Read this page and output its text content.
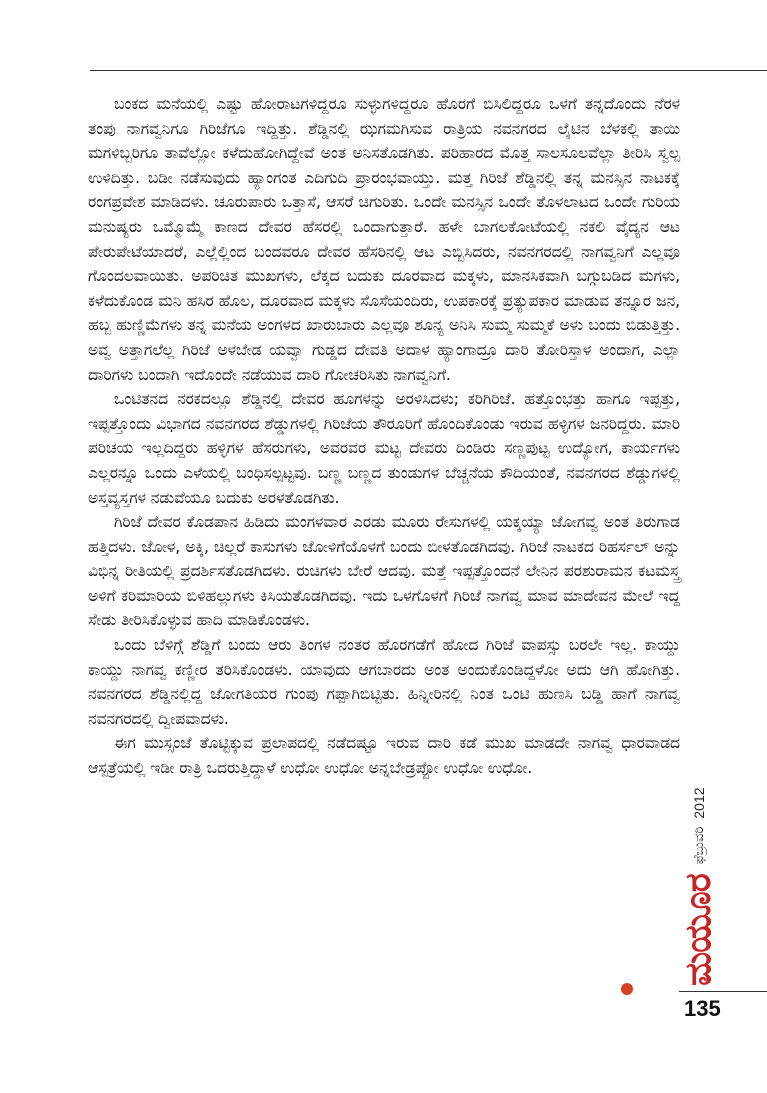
ಬಂಕದ ಮನೆಯಲ್ಲಿ ಎಷ್ಟು ಹೋರಾಟಗಳಿದ್ದರೂ ಸುಳ್ಳುಗಳಿದ್ದರೂ ಹೊರಗೆ ಬಿಸಿಲಿದ್ದರೂ ಒಳಗೆ ತನ್ನದೊಂದು ನೆರಳ ತಂಪು ನಾಗವ್ವನಿಗೂ ಗಿರಿಜೆಗೂ ಇದ್ದಿತ್ತು. ಶೆಡ್ಡಿನಲ್ಲಿ ಝಗಮಗಿಸುವ ರಾತ್ರಿಯ ನವನಗರದ ಲೈಟಿನ ಬೆಳಕಲ್ಲಿ ತಾಯಿ ಮಗಳಿಬ್ಬರಿಗೂ ತಾವೆಲ್ಲೋ ಕಳೆದುಹೋಗಿದ್ದೇವೆ ಅಂತ ಅನಿಸತೊಡಗಿತು. ಪರಿಹಾರದ ಮೊತ್ತ ಸಾಲಸೂಲವೆಲ್ಲಾ ತೀರಿಸಿ ಸ್ವಲ್ಪ ಉಳಿದಿತ್ತು. ಬಡೀ ನಡೆಸುವುದು ಹ್ಯಾಂಗಂತ ಎದಿಗುದಿ ಪ್ರಾರಂಭವಾಯ್ತು. ಮತ್ತ ಗಿರಿಜೆ ಶೆಡ್ಡಿನಲ್ಲಿ ತನ್ನ ಮನಸ್ಸಿನ ನಾಟಕಕ್ಕೆ ರಂಗಪ್ರವೇಶ ಮಾಡಿದಳು. ಚೂರುಪಾರು ಒತ್ತಾಸೆ, ಆಸರೆ ಚಿಗುರಿತು. ಒಂದೇ ಮನಸ್ಸಿನ ಒಂದೇ ತೊಳಲಾಟದ ಒಂದೇ ಗುರಿಯ ಮನುಷ್ಯರು ಒಮ್ಮೊಮ್ಮೆ ಕಾಣದ ದೇವರ ಹೆಸರಲ್ಲಿ ಒಂದಾಗುತ್ತಾರೆ. ಹಳೇ ಬಾಗಲಕೋಟೆಯಲ್ಲಿ ನಕಲಿ ವೈದ್ಯನ ಆಟ ಪೇರುಪೇಟೆಯಾದರೆ, ಎಲ್ಲೆಲ್ಲಿಂದ ಬಂದವರೂ ದೇವರ ಹೆಸರಿನಲ್ಲಿ ಆಟ ಎಬ್ಬಿಸಿದರು, ನವನಗರದಲ್ಲಿ ನಾಗವ್ವನಿಗೆ ಎಲ್ಲವೂ ಗೊಂದಲವಾಯಿತು. ಅಪರಿಚಿತ ಮುಖಗಳು, ಲೆಕ್ಕದ ಬದುಕು ದೂರವಾದ ಮಕ್ಕಳು, ಮಾನಸಿಕವಾಗಿ ಬಗ್ಗುಬಡಿದ ಮಗಳು, ಕಳೆದುಕೊಂಡ ಮನಿ ಹಸಿರ ಹೊಲ, ದೂರವಾದ ಮಕ್ಕಳು ಸೊಸೆಯಂದಿರು, ಉಪಕಾರಕ್ಕೆ ಪ್ರತ್ಯುಪಕಾರ ಮಾಡುವ ತನ್ನೂರ ಜನ, ಹಬ್ಬ ಹುಣ್ಣಿಮೆಗಳು ತನ್ನ ಮನೆಯ ಅಂಗಳದ ಖಾರುಬಾರು ಎಲ್ಲವೂ ಶೂನ್ಯ ಅನಿಸಿ ಸುಮ್ಮ ಸುಮ್ಮಕೆ ಅಳು ಬಂದು ಬಿಡುತ್ತಿತ್ತು. ಅವ್ವ ಅತ್ತಾಗಲೆಲ್ಲ ಗಿರಿಜೆ ಅಳಬೇಡ ಯವ್ವಾ ಗುಡ್ಡದ ದೇವತಿ ಅದಾಳ ಹ್ಯಾಂಗಾದ್ರೂ ದಾರಿ ತೋರಿಸ್ತಾಳ ಅಂದಾಗ, ಎಲ್ಲಾ ದಾರಿಗಳು ಬಂದಾಗಿ ಇದೊಂದೇ ನಡೆಯುವ ದಾರಿ ಗೋಚರಿಸಿತು ನಾಗವ್ವನಿಗೆ.

ಒಂಟಿತನದ ನರಕದಲ್ಲೂ ಶೆಡ್ಡಿನಲ್ಲಿ ದೇವರ ಹೂಗಳನ್ನು ಅರಳಿಸಿದಳು; ಕರಿಗಿರಿಜೆ. ಹತ್ತೊಂಭತ್ತು ಹಾಗೂ ಇಪ್ಪತ್ತು, ಇಪ್ಪತ್ತೊಂದು ವಿಭಾಗದ ನವನಗರದ ಶೆಡ್ಡುಗಳಲ್ಲಿ ಗಿರಿಜೆಯ ತೌರೂರಿಗೆ ಹೊಂದಿಕೊಂಡು ಇರುವ ಹಳ್ಳಿಗಳ ಜನರಿದ್ದರು. ಮಾರಿ ಪರಿಚಯ ಇಲ್ಲದಿದ್ದರು ಹಳ್ಳಿಗಳ ಹೆಸರುಗಳು, ಅವರವರ ಮಟ್ಟ ದೇವರು ದಿಂಡಿರು ಸಣ್ಣಪುಟ್ಟ ಉದ್ಯೋಗ, ಕಾರ್ಯಗಳು ಎಲ್ಲರನ್ನೂ ಒಂದು ಎಳೆಯಲ್ಲಿ ಬಂಧಿಸಲ್ಪಟ್ಟವು. ಬಣ್ಣ ಬಣ್ಣದ ತುಂಡುಗಳ ಬೆಚ್ಚನೆಯ ಕೌದಿಯಂತೆ, ನವನಗರದ ಶೆಡ್ಡುಗಳಲ್ಲಿ ಅಸ್ತವ್ಯಸ್ತಗಳ ನಡುವೆಯೂ ಬದುಕು ಅರಳತೊಡಗಿತು.

ಗಿರಿಜೆ ದೇವರ ಕೊಡಪಾನ ಹಿಡಿದು ಮಂಗಳವಾರ ಎರಡು ಮೂರು ರೇಸುಗಳಲ್ಲಿ ಯಕ್ಕಯ್ಯಾ ಜೋಗವ್ವ ಅಂತ ತಿರುಗಾಡ ಹತ್ತಿದಳು. ಜೋಳ, ಅಕ್ಕಿ, ಚಿಲ್ಲರೆ ಕಾಸುಗಳು ಜೋಳಿಗೆಯೊಳಗೆ ಬಂದು ಬೀಳತೊಡಗಿದವು. ಗಿರಿಜೆ ನಾಟಕದ ರಿಹರ್ಸಲ್ ಅನ್ನು ವಿಭಿನ್ನ ರೀತಿಯಲ್ಲಿ ಪ್ರದರ್ಶಿಸತೊಡಗಿದಳು. ರುಚಿಗಳು ಬೇರೆ ಆದವು. ಮತ್ತೆ ಇಪ್ಪತ್ತೊಂದನೆ ಲೇನಿನ ಪರಶುರಾಮನ ಕಟಮಸ್ತ್ರ ಅಳಿಗೆ ಕರಿಮಾರಿಯ ಬಿಳಿಹಲ್ಲುಗಳು ಕಿಸಿಯತೊಡಗಿದವು. ಇದು ಒಳಗೊಳಗೆ ಗಿರಿಜೆ ನಾಗವ್ವ ಮಾವ ಮಾದೇವನ ಮೇಲೆ ಇದ್ದ ಸೇಡು ತೀರಿಸಿಕೊಳ್ಳುವ ಹಾದಿ ಮಾಡಿಕೊಂಡಳು.

ಒಂದು ಬೆಳಿಗ್ಗೆ ಶೆಡ್ಡಿಗೆ ಬಂದು ಆರು ತಿಂಗಳ ನಂತರ ಹೊರಗಡೆಗೆ ಹೋದ ಗಿರಿಜೆ ವಾಪಸ್ಸು ಬರಲೇ ಇಲ್ಲ. ಕಾಯ್ದು ಕಾಯ್ದು ನಾಗವ್ವ ಕಣ್ಣೀರ ತರಿಸಿಕೊಂಡಳು. ಯಾವುದು ಆಗಬಾರದು ಅಂತ ಅಂದುಕೊಂಡಿದ್ದಳೋ ಅದು ಆಗಿ ಹೋಗಿತ್ತು. ನವನಗರದ ಶೆಡ್ಡಿನಲ್ಲಿದ್ದ ಜೋಗತಿಯರ ಗುಂಪು ಗಪ್ಪಾಗಿಬಿಟ್ಟಿತು. ಹಿನ್ನೀರಿನಲ್ಲಿ ನಿಂತ ಒಂಟಿ ಹುಣಸಿ ಬಡ್ಡಿ ಹಾಗೆ ನಾಗವ್ವ ನವನಗರದಲ್ಲಿ ದ್ವೀಪವಾದಳು.

ಈಗ ಮುಸ್ಸಂಜೆ ತೊಟ್ಟಿಕ್ಕುವ ಪ್ರಲಾಪದಲ್ಲಿ ನಡೆದಷ್ಟೂ ಇರುವ ದಾರಿ ಕಡೆ ಮುಖ ಮಾಡದೇ ನಾಗವ್ವ ಧಾರವಾಡದ ಆಸ್ಪತ್ರೆಯಲ್ಲಿ ಇಡೀ ರಾತ್ರಿ ಒದರುತ್ತಿದ್ದಾಳೆ ಉಧೋ ಉಧೋ ಅನ್ನಬೇಡ್ರಪ್ಪೋ ಉಧೋ ಉಧೋ.

ಮಯೂರ
ಫೆಬ್ರುವರಿ
2012
135
